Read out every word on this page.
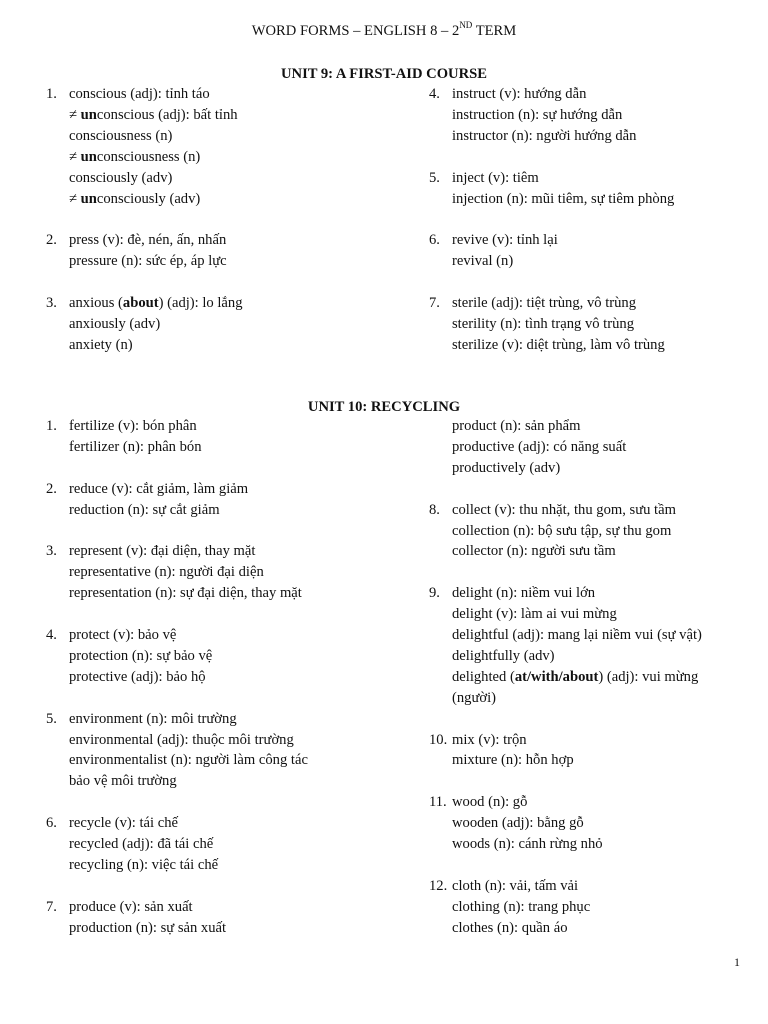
WORD FORMS – ENGLISH 8 – 2ND TERM
UNIT 9: A FIRST-AID COURSE
1. conscious (adj): tỉnh táo
≠ unconscious (adj): bất tỉnh
consciousness (n)
≠ unconsciousness (n)
consciously (adv)
≠ unconsciously (adv)
2. press (v): đè, nén, ấn, nhấn
pressure (n): sức ép, áp lực
3. anxious (about) (adj): lo lắng
anxiously (adv)
anxiety (n)
4. instruct (v): hướng dẫn
instruction (n): sự hướng dẫn
instructor (n): người hướng dẫn
5. inject (v): tiêm
injection (n): mũi tiêm, sự tiêm phòng
6. revive (v): tỉnh lại
revival (n)
7. sterile (adj): tiệt trùng, vô trùng
sterility (n): tình trạng vô trùng
sterilize (v): diệt trùng, làm vô trùng
UNIT 10: RECYCLING
1. fertilize (v): bón phân
fertilizer (n): phân bón
2. reduce (v): cắt giảm, làm giảm
reduction (n): sự cắt giảm
3. represent (v): đại diện, thay mặt
representative (n): người đại diện
representation (n): sự đại diện, thay mặt
4. protect (v): bảo vệ
protection (n): sự bảo vệ
protective (adj): bảo hộ
5. environment (n): môi trường
environmental (adj): thuộc môi trường
environmentalist (n): người làm công tác
bảo vệ môi trường
6. recycle (v): tái chế
recycled (adj): đã tái chế
recycling (n): việc tái chế
7. produce (v): sản xuất
production (n): sự sản xuất
product (n): sản phẩm
productive (adj): có năng suất
productively (adv)
8. collect (v): thu nhặt, thu gom, sưu tầm
collection (n): bộ sưu tập, sự thu gom
collector (n): người sưu tầm
9. delight (n): niềm vui lớn
delight (v): làm ai vui mừng
delightful (adj): mang lại niềm vui (sự vật)
delightfully (adv)
delighted (at/with/about) (adj): vui mừng
(người)
10. mix (v): trộn
mixture (n): hỗn hợp
11. wood (n): gỗ
wooden (adj): bằng gỗ
woods (n): cánh rừng nhỏ
12. cloth (n): vải, tấm vải
clothing (n): trang phục
clothes (n): quần áo
1
